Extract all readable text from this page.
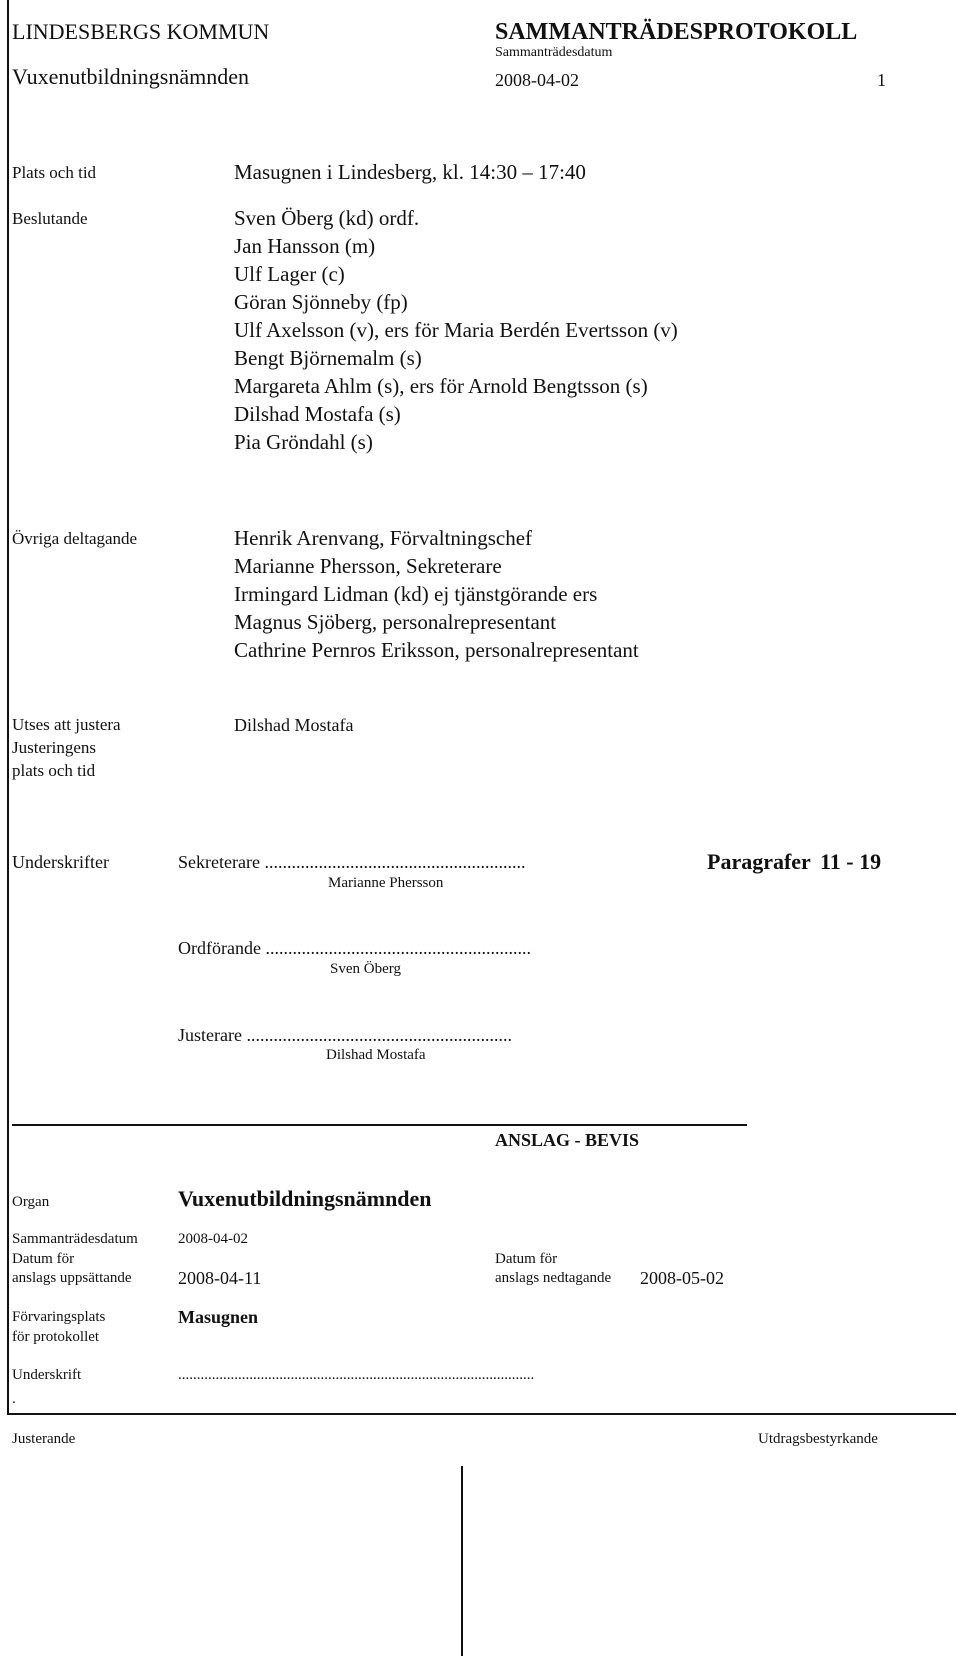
LINDESBERGS KOMMUN	SAMMANTRÄDESPROTOKOLL
Sammanträdesdatum
Vuxenutbildningsnämnden	2008-04-02	1
Plats och tid	Masugnen i Lindesberg, kl. 14:30 – 17:40
Beslutande	Sven Öberg (kd) ordf.
Jan Hansson (m)
Ulf Lager (c)
Göran Sjönneby (fp)
Ulf Axelsson (v), ers för Maria Berdén Evertsson (v)
Bengt Björnemalm (s)
Margareta Ahlm (s), ers för Arnold Bengtsson (s)
Dilshad Mostafa (s)
Pia Gröndahl (s)
Övriga deltagande	Henrik Arenvang, Förvaltningschef
Marianne Phersson, Sekreterare
Irmingard Lidman (kd) ej tjänstgörande ers
Magnus Sjöberg, personalrepresentant
Cathrine Pernros Eriksson, personalrepresentant
Utses att justera	Dilshad Mostafa
Justeringens
plats och tid
Underskrifter	Sekreterare ..........................................................
Marianne Phersson
Paragrafer 11 - 19
Ordförande ...........................................................
Sven Öberg
Justerare ...........................................................
Dilshad Mostafa
ANSLAG - BEVIS
Organ	Vuxenutbildningsnämnden
Sammanträdesdatum	2008-04-02
Datum för
anslags uppsättande	2008-04-11
Datum för
anslags nedtagande 2008-05-02
Förvaringsplats
för protokollet
Masugnen
Underskrift	...............................................................................................
.
Justerande	Utdragsbestyrkande
